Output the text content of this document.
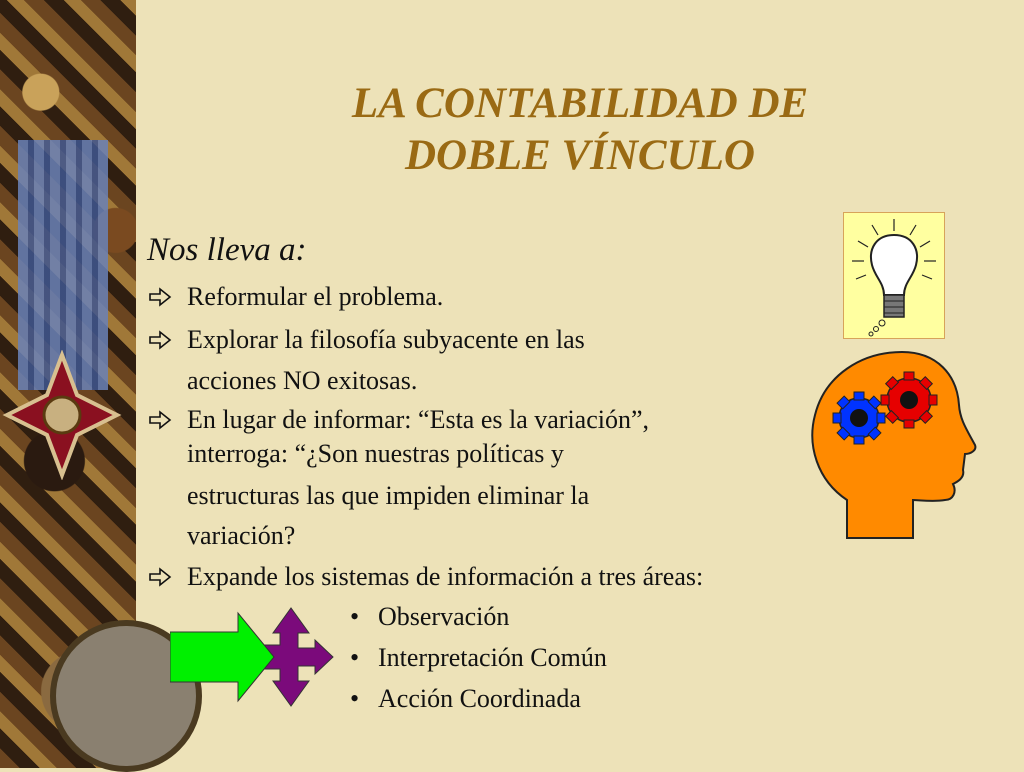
LA CONTABILIDAD DE
DOBLE VÍNCULO
Nos lleva a:
Reformular el problema.
Explorar la filosofía subyacente en las
acciones NO exitosas.
En lugar de informar: “Esta es la variación”,
interroga: “¿Son nuestras políticas y
estructuras las que impiden eliminar la
variación?
Expande los sistemas de información a tres áreas:
• Observación
• Interpretación Común
• Acción Coordinada
